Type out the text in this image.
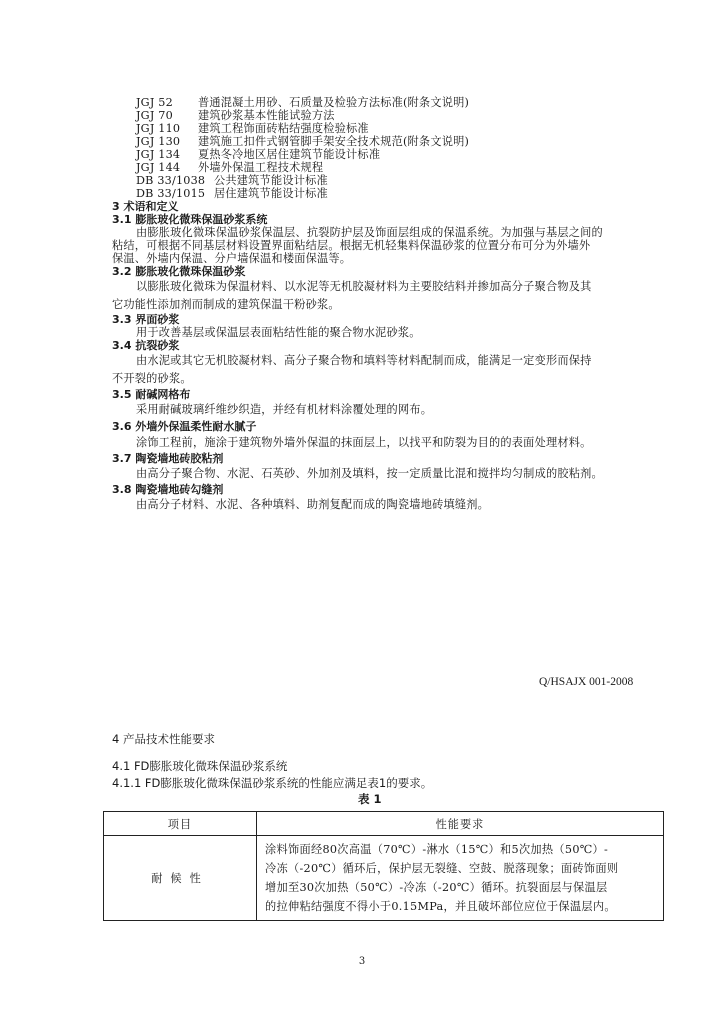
JGJ 52 普通混凝土用砂、石质量及检验方法标准(附条文说明)
JGJ 70 建筑砂浆基本性能试验方法
JGJ 110 建筑工程饰面砖粘结强度检验标准
JGJ 130 建筑施工扣件式钢管脚手架安全技术规范(附条文说明)
JGJ 134 夏热冬冷地区居住建筑节能设计标准
JGJ 144 外墙外保温工程技术规程
DB 33/1038 公共建筑节能设计标准
DB 33/1015 居住建筑节能设计标准
3 术语和定义
3.1 膨胀玻化微珠保温砂浆系统
由膨胀玻化微珠保温砂浆保温层、抗裂防护层及饰面层组成的保温系统。为加强与基层之间的
粘结，可根据不同基层材料设置界面粘结层。根据无机轻集料保温砂浆的位置分布可分为外墙外
保温、外墙内保温、分户墙保温和楼面保温等。
3.2 膨胀玻化微珠保温砂浆
以膨胀玻化微珠为保温材料、以水泥等无机胶凝材料为主要胶结料并掺加高分子聚合物及其
它功能性添加剂而制成的建筑保温干粉砂浆。
3.3 界面砂浆
用于改善基层或保温层表面粘结性能的聚合物水泥砂浆。
3.4 抗裂砂浆
由水泥或其它无机胶凝材料、高分子聚合物和填料等材料配制而成，能满足一定变形而保持
不开裂的砂浆。
3.5 耐碱网格布
采用耐碱玻璃纤维纱织造，并经有机材料涂覆处理的网布。
3.6 外墙外保温柔性耐水腻子
涂饰工程前，施涂于建筑物外墙外保温的抹面层上，以找平和防裂为目的的表面处理材料。
3.7 陶瓷墙地砖胶粘剂
由高分子聚合物、水泥、石英砂、外加剂及填料，按一定质量比混和搅拌均匀制成的胶粘剂。
3.8 陶瓷墙地砖勾缝剂
由高分子材料、水泥、各种填料、助剂复配而成的陶瓷墙地砖填缝剂。
Q/HSAJX 001-2008
4 产品技术性能要求
4.1 FD膨胀玻化微珠保温砂浆系统
4.1.1 FD膨胀玻化微珠保温砂浆系统的性能应满足表1的要求。
表 1
项目	性能要求
耐候性	涂料饰面经80次高温（70℃）-淋水（15℃）和5次加热（50℃）-
冷冻（-20℃）循环后，保护层无裂缝、空鼓、脱落现象；面砖饰面则
增加至30次加热（50℃）-冷冻（-20℃）循环。抗裂面层与保温层
的拉伸粘结强度不得小于0.15MPa，并且破坏部位应位于保温层内。
3
